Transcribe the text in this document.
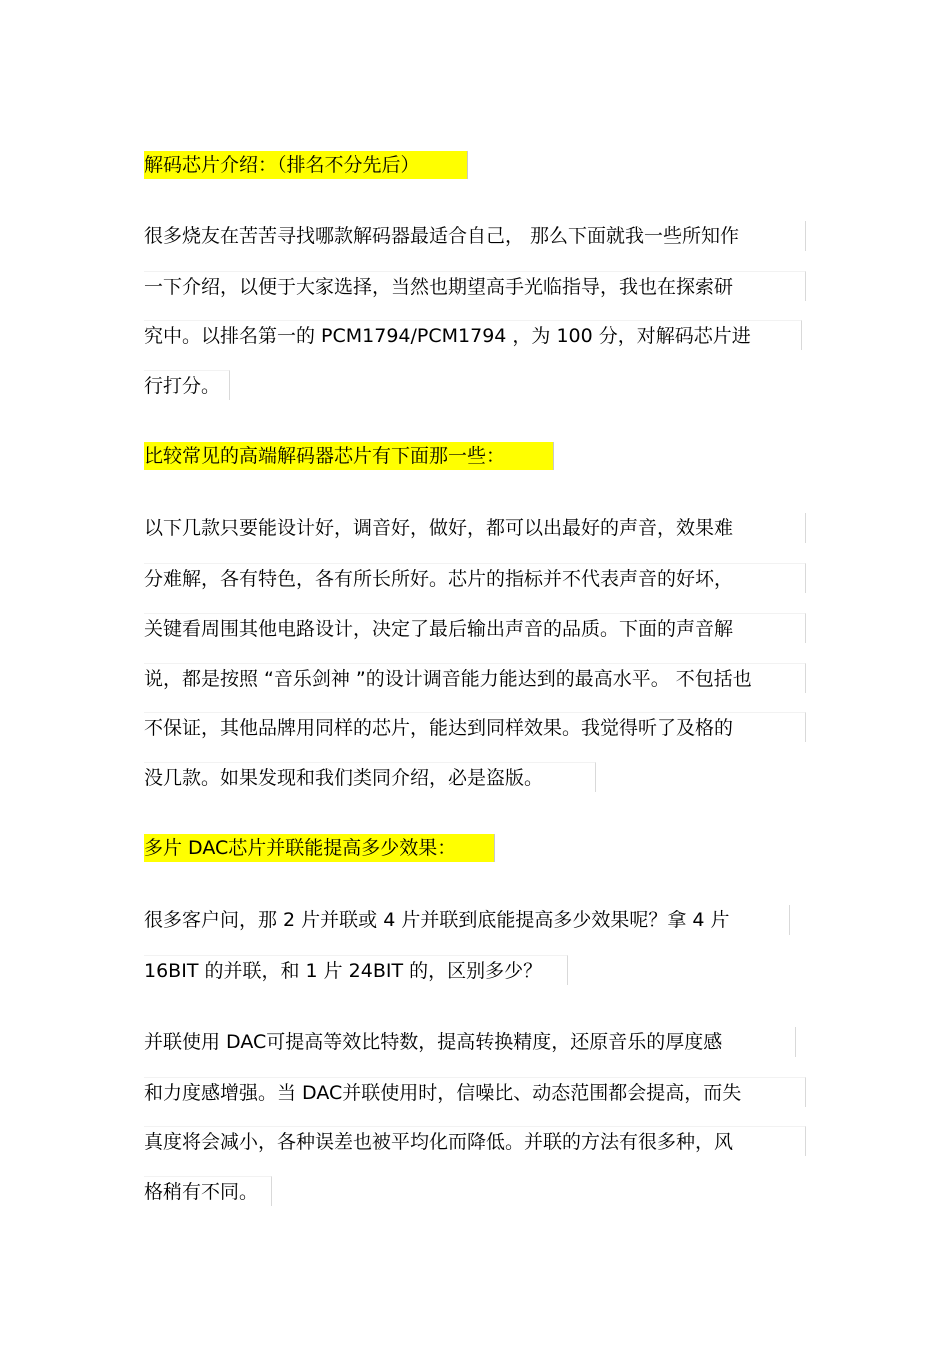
解码芯片介绍：（排名不分先后）
很多烧友在苦苦寻找哪款解码器最适合自己， 那么下面就我一些所知作
一下介绍，以便于大家选择，当然也期望高手光临指导，我也在探索研
究中。以排名第一的 PCM1794/PCM1794 ，为 100 分，对解码芯片进
行打分。
比较常见的高端解码器芯片有下面那一些：
以下几款只要能设计好，调音好，做好，都可以出最好的声音，效果难
分难解，各有特色，各有所长所好。芯片的指标并不代表声音的好坏，
关键看周围其他电路设计，决定了最后输出声音的品质。下面的声音解
说，都是按照 “音乐剑神 ”的设计调音能力能达到的最高水平。 不包括也
不保证，其他品牌用同样的芯片，能达到同样效果。我觉得听了及格的
没几款。如果发现和我们类同介绍，必是盗版。
多片 DAC芯片并联能提高多少效果：
很多客户问，那 2 片并联或 4 片并联到底能提高多少效果呢？拿 4 片
16BIT 的并联，和 1 片 24BIT 的，区别多少？
并联使用 DAC可提高等效比特数，提高转换精度，还原音乐的厚度感
和力度感增强。当 DAC并联使用时，信噪比、动态范围都会提高，而失
真度将会减小，各种误差也被平均化而降低。并联的方法有很多种，风
格稍有不同。
